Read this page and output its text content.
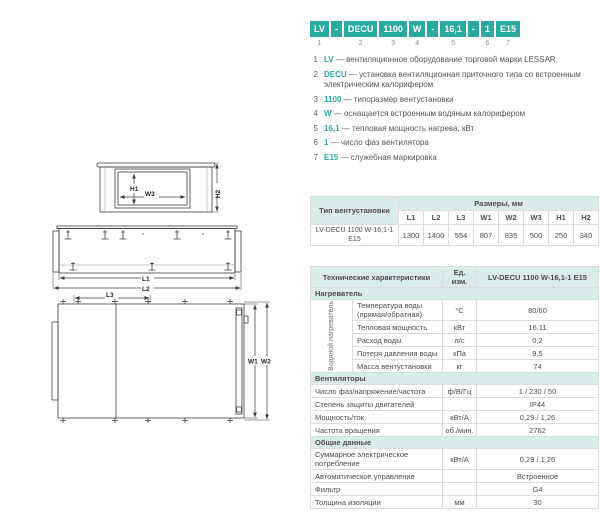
H1
W3	H2
L1
L2
L3
W1 W2
LV
1
-	DECU
2
1100
3
W
4
-	16,1
5
-	1
6
E15
7
1 LV — вентиляционное оборудование торговой марки LESSAR
2 DECU — установка вентиляционная приточного типа со встроенным электрическим калорифером
3 1100 — типоразмер вентустановки
4 W — оснащается встроенным водяным калорифером
5 16,1 — тепловая мощность нагрева, кВт
6 1 — число фаз вентилятора
7 E15 — служебная маркировка
Тип вентустановки	Размеры, мм							
	L1	L2	L3	W1	W2	W3	H1	H2
LV-DECU 1100 W-16,1-1 E15	1300	1400	554	807	835	500	250	340
Технические характеристики		Ед. изм.	LV-DECU 1100 W-16,1-1 E15
Нагреватель			

Водяной нагреватель	Температура воды (прямая/обратная)	°С	80/60
	Тепловая мощность	кВт	16,11
	Расход воды	л/с	0,2
	Потеря давления воды	кПа	9,5
	Масса вентустановки	кг	74
Вентиляторы			
Число фаз/напряжение/частота		ф/В/Гц	1 / 230 / 50
Степень защиты двигателей			IP44
Мощность/ток		кВт/А	0,29 / 1,26
Частота вращения		об./мин.	2762
Общие данные			
Суммарное электрическое потребление		кВт/А	0,29 / 1,26
Автоматическое управление			Встроенное
Фильтр			G4
Толщина изоляции		мм	30
